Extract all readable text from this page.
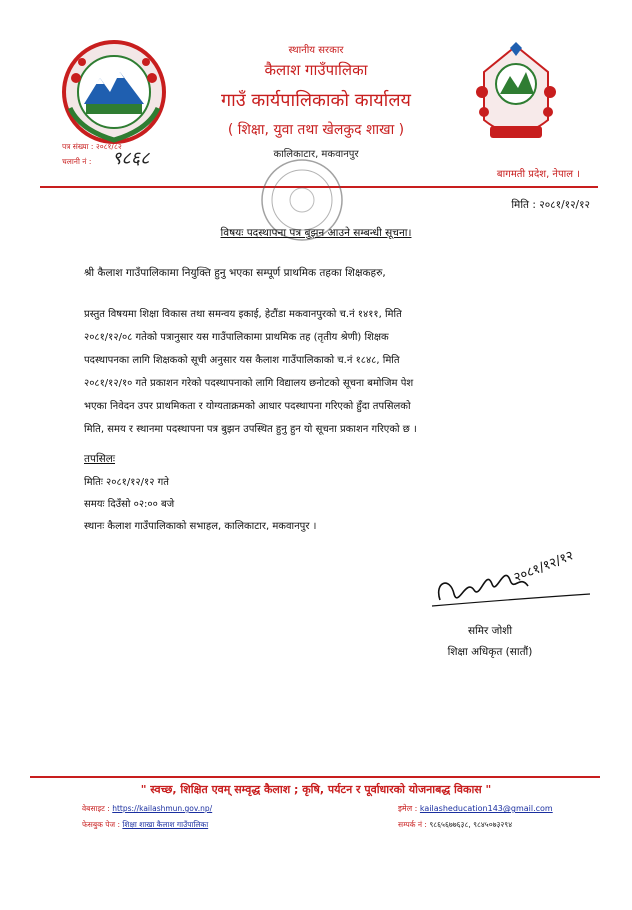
स्थानीय सरकार
कैलाश गाउँपालिका
गाउँ कार्यपालिकाको कार्यालय
( शिक्षा, युवा तथा खेलकुद शाखा )
कालिकाटार, मकवानपुर
पत्र संख्या : २०८१/८२
चलानी नं : ९८६८
बागमती प्रदेश, नेपाल ।
मिति : २०८१/१२/१२
विषयः पदस्थापना पत्र बुझन आउने सम्बन्धी सूचना।
श्री कैलाश गाउँपालिकामा नियुक्ति हुनु भएका सम्पूर्ण प्राथमिक तहका शिक्षकहरु,
प्रस्तुत विषयमा शिक्षा विकास तथा समन्वय इकाई, हेटौंडा मकवानपुरको च.नं १४११, मिति
२०८१/१२/०८ गतेको पत्रानुसार यस गाउँपालिकामा प्राथमिक तह (तृतीय श्रेणी) शिक्षक
पदस्थापनका लागि शिक्षकको सूची अनुसार यस कैलाश गाउँपालिकाको च.नं १८४८, मिति
२०८१/१२/१० गते प्रकाशन गरेको पदस्थापनाको लागि विद्यालय छनोटको सूचना बमोजिम पेश
भएका निवेदन उपर प्राथमिकता र योग्यताक्रमको आधार पदस्थापना गरिएको हुँदा तपसिलको
मिति, समय र स्थानमा पदस्थापना पत्र बुझन उपस्थित हुनु हुन यो सूचना प्रकाशन गरिएको छ ।
तपसिलः
मितिः २०८१/१२/१२ गते
समयः दिउँसो ०२:०० बजे
स्थानः कैलाश गाउँपालिकाको सभाहल, कालिकाटार, मकवानपुर ।
२०८१/१२/१२
समिर जोशी
शिक्षा अधिकृत (सातौं)
" स्वच्छ, शिक्षित एवम् सम्वृद्ध कैलाश ; कृषि, पर्यटन र पूर्वाधारको योजनाबद्ध विकास "
वेबसाइट : https://kailashmun.gov.np/
फेसबुक पेज : शिक्षा शाखा कैलाश गाउँपालिका
इमेल : kailasheducation143@gmail.com
सम्पर्क नं : ९८६५६७७६३८, ९८४५०७३२९४
